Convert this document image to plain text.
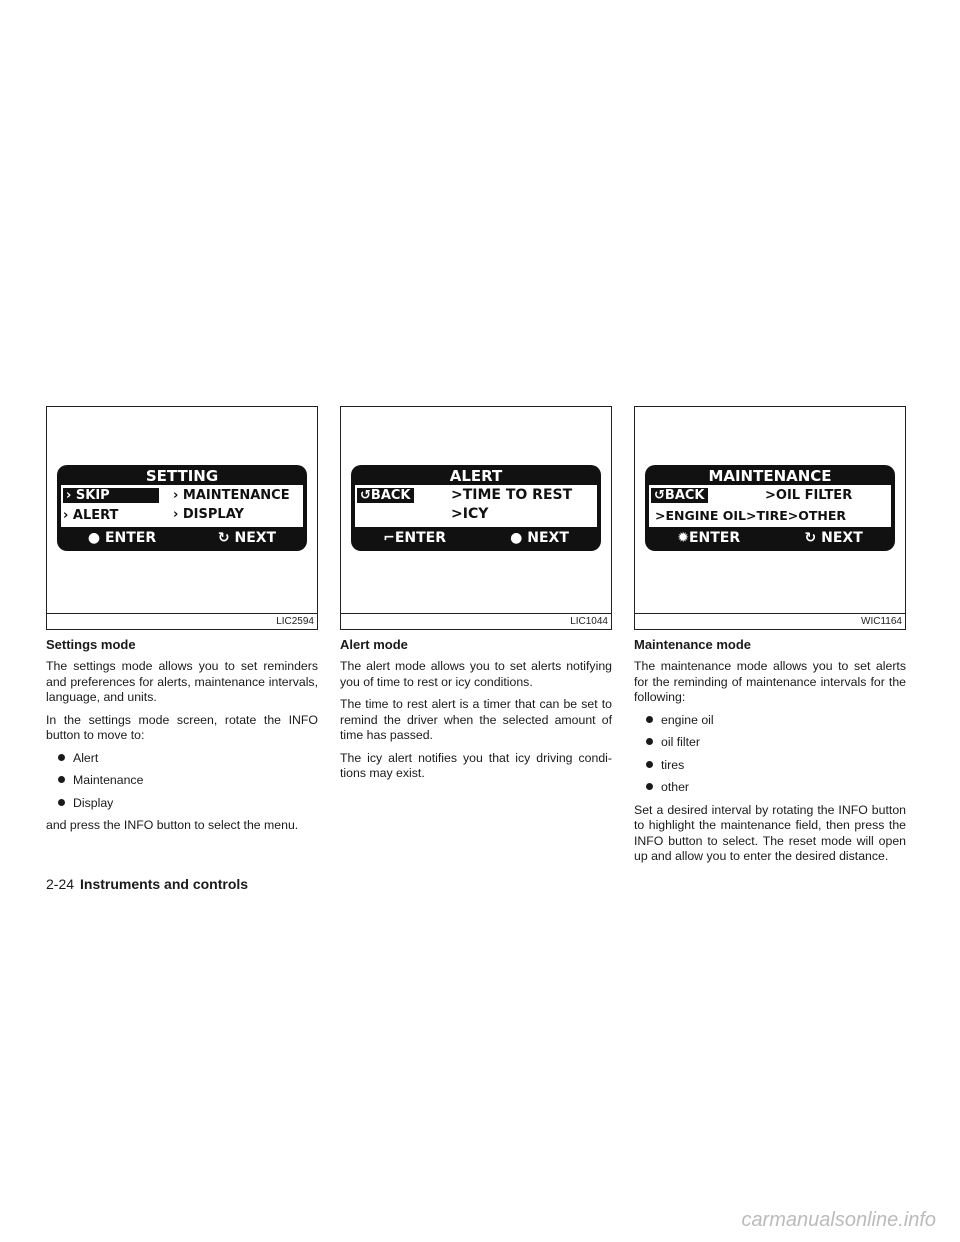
SETTING
› SKIP	› MAINTENANCE
› ALERT	› DISPLAY
● ENTER	↻ NEXT
LIC2594
Settings mode

The settings mode allows you to set reminders and preferences for alerts, maintenance intervals, language, and units.

In the settings mode screen, rotate the INFO button to move to:

Alert
Maintenance
Display

and press the INFO button to select the menu.

ALERT
↺BACK	>TIME TO REST
>ICY
⌐ENTER	● NEXT
LIC1044
Alert mode

The alert mode allows you to set alerts notifying you of time to rest or icy conditions.

The time to rest alert is a timer that can be set to remind the driver when the selected amount of time has passed.

The icy alert notifies you that icy driving condi- tions may exist.

MAINTENANCE
↺BACK	>OIL FILTER
>ENGINE OIL>TIRE>OTHER
✹ENTER	↻ NEXT
WIC1164
Maintenance mode

The maintenance mode allows you to set alerts for the reminding of maintenance intervals for the following:

engine oil
oil filter
tires
other

Set a desired interval by rotating the INFO button to highlight the maintenance field, then press the INFO button to select. The reset mode will open up and allow you to enter the desired distance.

2-24 Instruments and controls
carmanualsonline.info
